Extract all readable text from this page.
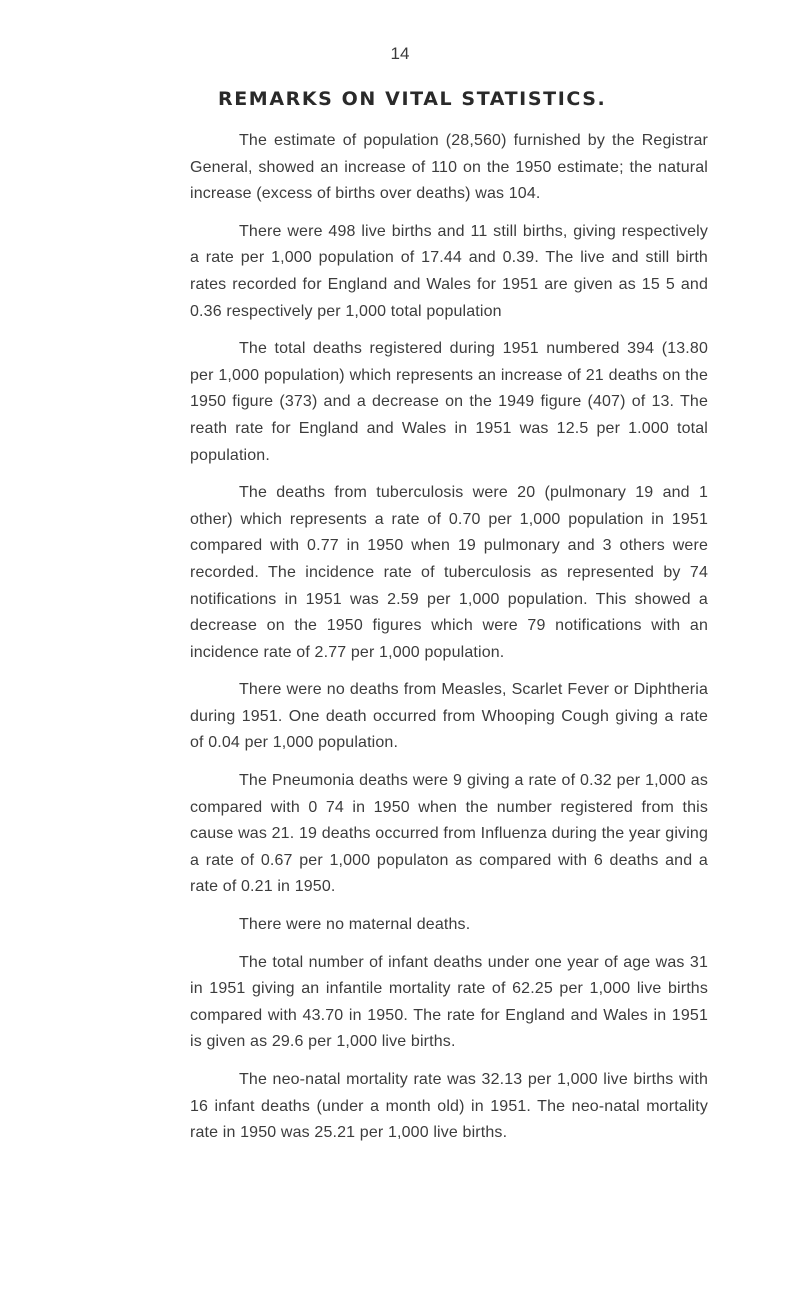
14
REMARKS ON VITAL STATISTICS.

The estimate of population (28,560) furnished by the Registrar General, showed an increase of 110 on the 1950 estimate; the natural increase (excess of births over deaths) was 104.

There were 498 live births and 11 still births, giving respectively a rate per 1,000 population of 17.44 and 0.39. The live and still birth rates recorded for England and Wales for 1951 are given as 15 5 and 0.36 respectively per 1,000 total population

The total deaths registered during 1951 numbered 394 (13.80 per 1,000 population) which represents an increase of 21 deaths on the 1950 figure (373) and a decrease on the 1949 figure (407) of 13. The reath rate for England and Wales in 1951 was 12.5 per 1.000 total population.

The deaths from tuberculosis were 20 (pulmonary 19 and 1 other) which represents a rate of 0.70 per 1,000 population in 1951 compared with 0.77 in 1950 when 19 pulmonary and 3 others were recorded. The incidence rate of tuberculosis as represented by 74 notifications in 1951 was 2.59 per 1,000 population. This showed a decrease on the 1950 figures which were 79 notifications with an incidence rate of 2.77 per 1,000 population.

There were no deaths from Measles, Scarlet Fever or Diphtheria during 1951. One death occurred from Whooping Cough giving a rate of 0.04 per 1,000 population.

The Pneumonia deaths were 9 giving a rate of 0.32 per 1,000 as compared with 0 74 in 1950 when the number registered from this cause was 21. 19 deaths occurred from Influenza during the year giving a rate of 0.67 per 1,000 populaton as compared with 6 deaths and a rate of 0.21 in 1950.

There were no maternal deaths.

The total number of infant deaths under one year of age was 31 in 1951 giving an infantile mortality rate of 62.25 per 1,000 live births compared with 43.70 in 1950. The rate for England and Wales in 1951 is given as 29.6 per 1,000 live births.

The neo-natal mortality rate was 32.13 per 1,000 live births with 16 infant deaths (under a month old) in 1951. The neo-natal mortality rate in 1950 was 25.21 per 1,000 live births.
